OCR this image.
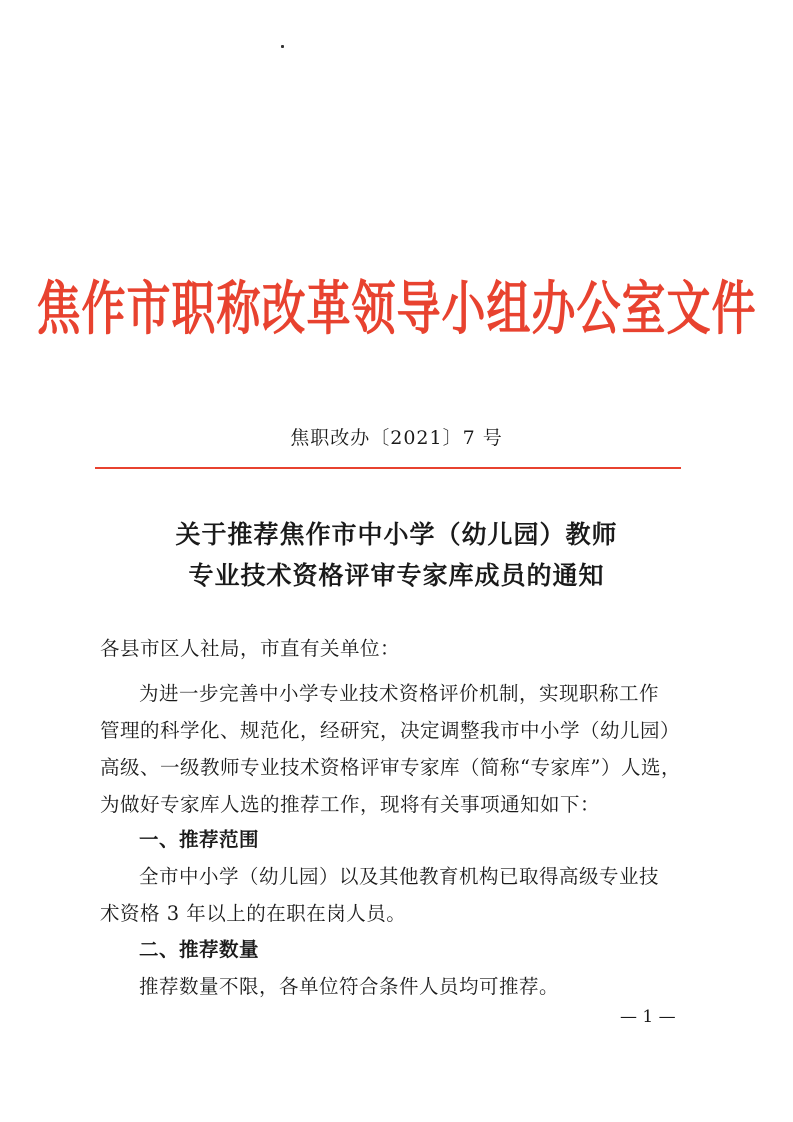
焦作市职称改革领导小组办公室文件
焦职改办〔2021〕7 号
关于推荐焦作市中小学（幼儿园）教师
专业技术资格评审专家库成员的通知
各县市区人社局，市直有关单位：
为进一步完善中小学专业技术资格评价机制，实现职称工作
管理的科学化、规范化，经研究，决定调整我市中小学（幼儿园）
高级、一级教师专业技术资格评审专家库（简称“专家库”）人选，
为做好专家库人选的推荐工作，现将有关事项通知如下：
一、推荐范围
全市中小学（幼儿园）以及其他教育机构已取得高级专业技
术资格 3 年以上的在职在岗人员。
二、推荐数量
推荐数量不限，各单位符合条件人员均可推荐。
— 1 —
